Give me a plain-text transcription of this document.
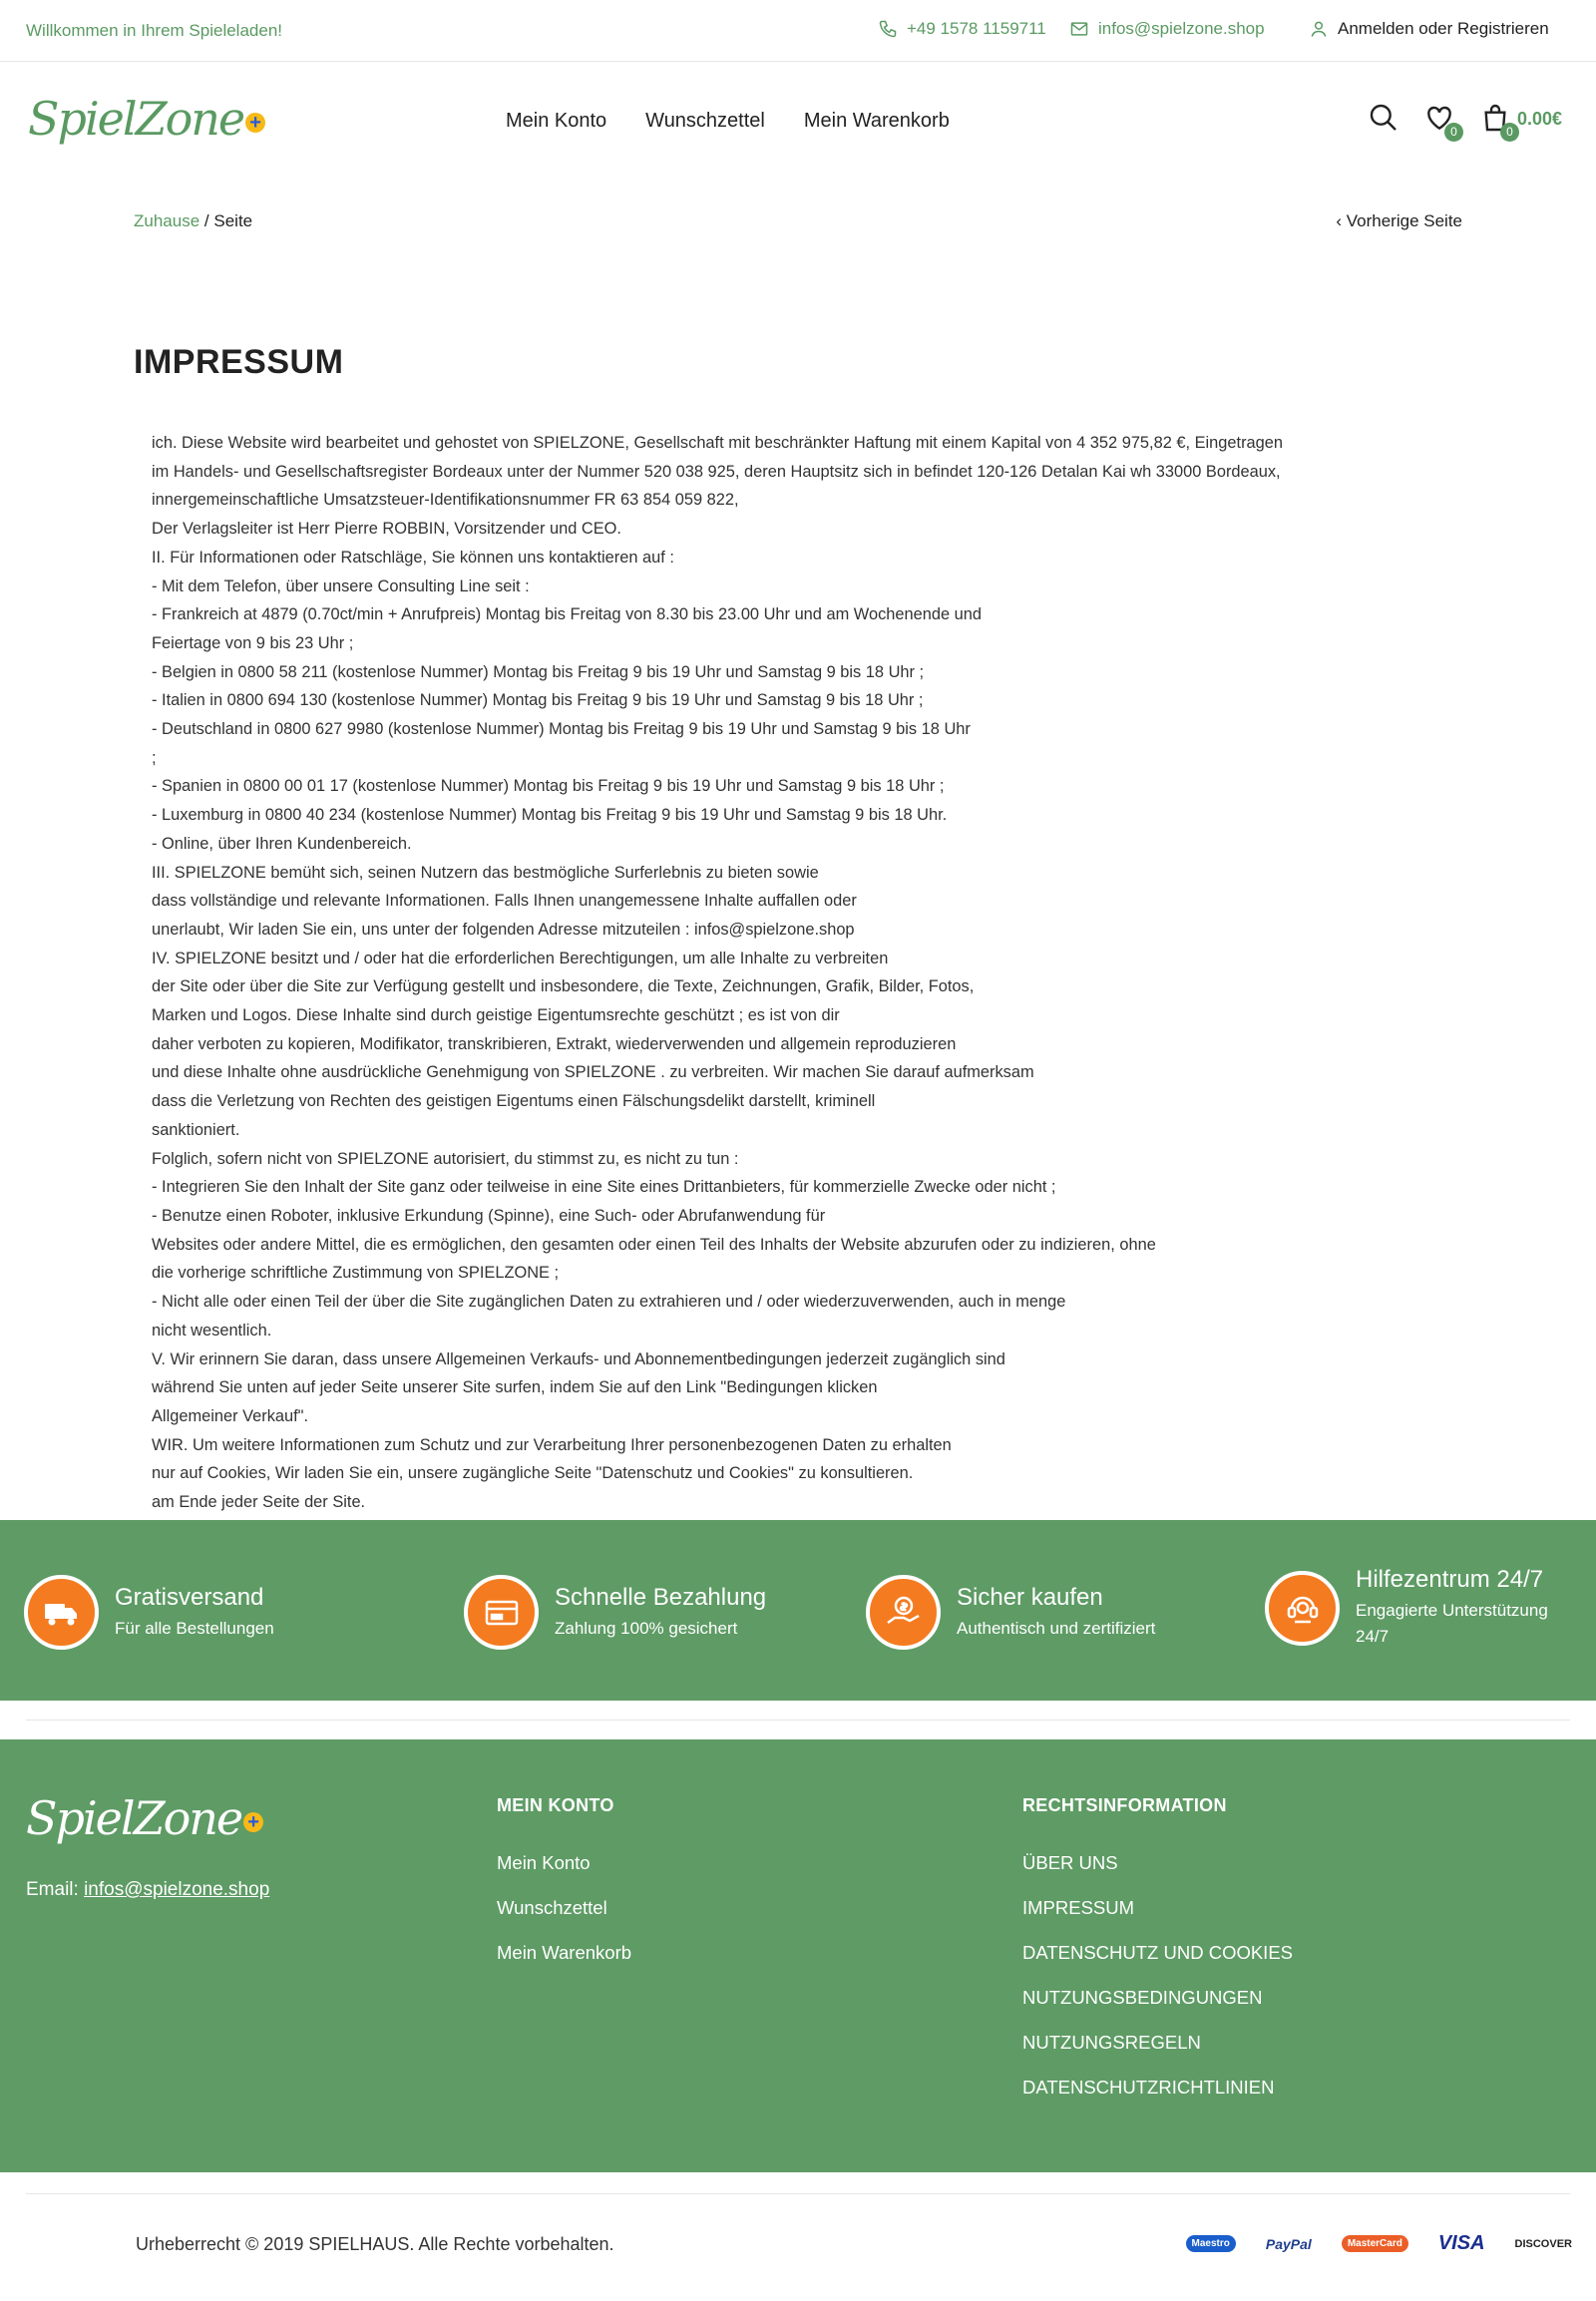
Willkommen in Ihrem Spieleladen!	+49 1578 1159711	infos@spielzone.shop	Anmelden oder Registrieren
SpielZone +	Mein Konto Wunschzettel Mein Warenkorb	0	0
0.00€
Zuhause / Seite	‹ Vorherige Seite
IMPRESSUM

ich. Diese Website wird bearbeitet und gehostet von SPIELZONE, Gesellschaft mit beschränkter Haftung mit einem Kapital von 4 352 975,82 €, Eingetragen

im Handels- und Gesellschaftsregister Bordeaux unter der Nummer 520 038 925, deren Hauptsitz sich in befindet 120-126 Detalan Kai wh 33000 Bordeaux,

innergemeinschaftliche Umsatzsteuer-Identifikationsnummer FR 63 854 059 822,

Der Verlagsleiter ist Herr Pierre ROBBIN, Vorsitzender und CEO.

II. Für Informationen oder Ratschläge, Sie können uns kontaktieren auf :

- Mit dem Telefon, über unsere Consulting Line seit :

- Frankreich at 4879 (0.70ct/min + Anrufpreis) Montag bis Freitag von 8.30 bis 23.00 Uhr und am Wochenende und

Feiertage von 9 bis 23 Uhr ;

- Belgien in 0800 58 211 (kostenlose Nummer) Montag bis Freitag 9 bis 19 Uhr und Samstag 9 bis 18 Uhr ;

- Italien in 0800 694 130 (kostenlose Nummer) Montag bis Freitag 9 bis 19 Uhr und Samstag 9 bis 18 Uhr ;

- Deutschland in 0800 627 9980 (kostenlose Nummer) Montag bis Freitag 9 bis 19 Uhr und Samstag 9 bis 18 Uhr

;

- Spanien in 0800 00 01 17 (kostenlose Nummer) Montag bis Freitag 9 bis 19 Uhr und Samstag 9 bis 18 Uhr ;

- Luxemburg in 0800 40 234 (kostenlose Nummer) Montag bis Freitag 9 bis 19 Uhr und Samstag 9 bis 18 Uhr.

- Online, über Ihren Kundenbereich.

III. SPIELZONE bemüht sich, seinen Nutzern das bestmögliche Surferlebnis zu bieten sowie

dass vollständige und relevante Informationen. Falls Ihnen unangemessene Inhalte auffallen oder

unerlaubt, Wir laden Sie ein, uns unter der folgenden Adresse mitzuteilen : infos@spielzone.shop

IV. SPIELZONE besitzt und / oder hat die erforderlichen Berechtigungen, um alle Inhalte zu verbreiten

der Site oder über die Site zur Verfügung gestellt und insbesondere, die Texte, Zeichnungen, Grafik, Bilder, Fotos,

Marken und Logos. Diese Inhalte sind durch geistige Eigentumsrechte geschützt ; es ist von dir

daher verboten zu kopieren, Modifikator, transkribieren, Extrakt, wiederverwenden und allgemein reproduzieren

und diese Inhalte ohne ausdrückliche Genehmigung von SPIELZONE . zu verbreiten. Wir machen Sie darauf aufmerksam

dass die Verletzung von Rechten des geistigen Eigentums einen Fälschungsdelikt darstellt, kriminell

sanktioniert.

Folglich, sofern nicht von SPIELZONE autorisiert, du stimmst zu, es nicht zu tun :

- Integrieren Sie den Inhalt der Site ganz oder teilweise in eine Site eines Drittanbieters, für kommerzielle Zwecke oder nicht ;

- Benutze einen Roboter, inklusive Erkundung (Spinne), eine Such- oder Abrufanwendung für

Websites oder andere Mittel, die es ermöglichen, den gesamten oder einen Teil des Inhalts der Website abzurufen oder zu indizieren, ohne

die vorherige schriftliche Zustimmung von SPIELZONE ;

- Nicht alle oder einen Teil der über die Site zugänglichen Daten zu extrahieren und / oder wiederzuverwenden, auch in menge

nicht wesentlich.

V. Wir erinnern Sie daran, dass unsere Allgemeinen Verkaufs- und Abonnementbedingungen jederzeit zugänglich sind

während Sie unten auf jeder Seite unserer Site surfen, indem Sie auf den Link "Bedingungen klicken

Allgemeiner Verkauf".

WIR. Um weitere Informationen zum Schutz und zur Verarbeitung Ihrer personenbezogenen Daten zu erhalten

nur auf Cookies, Wir laden Sie ein, unsere zugängliche Seite "Datenschutz und Cookies" zu konsultieren.

am Ende jeder Seite der Site.

Gratisversand
Für alle Bestellungen
Schnelle Bezahlung
Zahlung 100% gesichert
Sicher kaufen
Authentisch und zertifiziert
Hilfezentrum 24/7
Engagierte Unterstützung 24/7
SpielZone +
Email: infos@spielzone.shop
MEIN KONTO
Mein Konto
Wunschzettel
Mein Warenkorb
RECHTSINFORMATION
ÜBER UNS
IMPRESSUM
DATENSCHUTZ UND COOKIES
NUTZUNGSBEDINGUNGEN
NUTZUNGSREGELN
DATENSCHUTZRICHTLINIEN
Urheberrecht © 2019 SPIELHAUS. Alle Rechte vorbehalten.	Maestro	PayPal	MasterCard	VISA	DISCOVER
